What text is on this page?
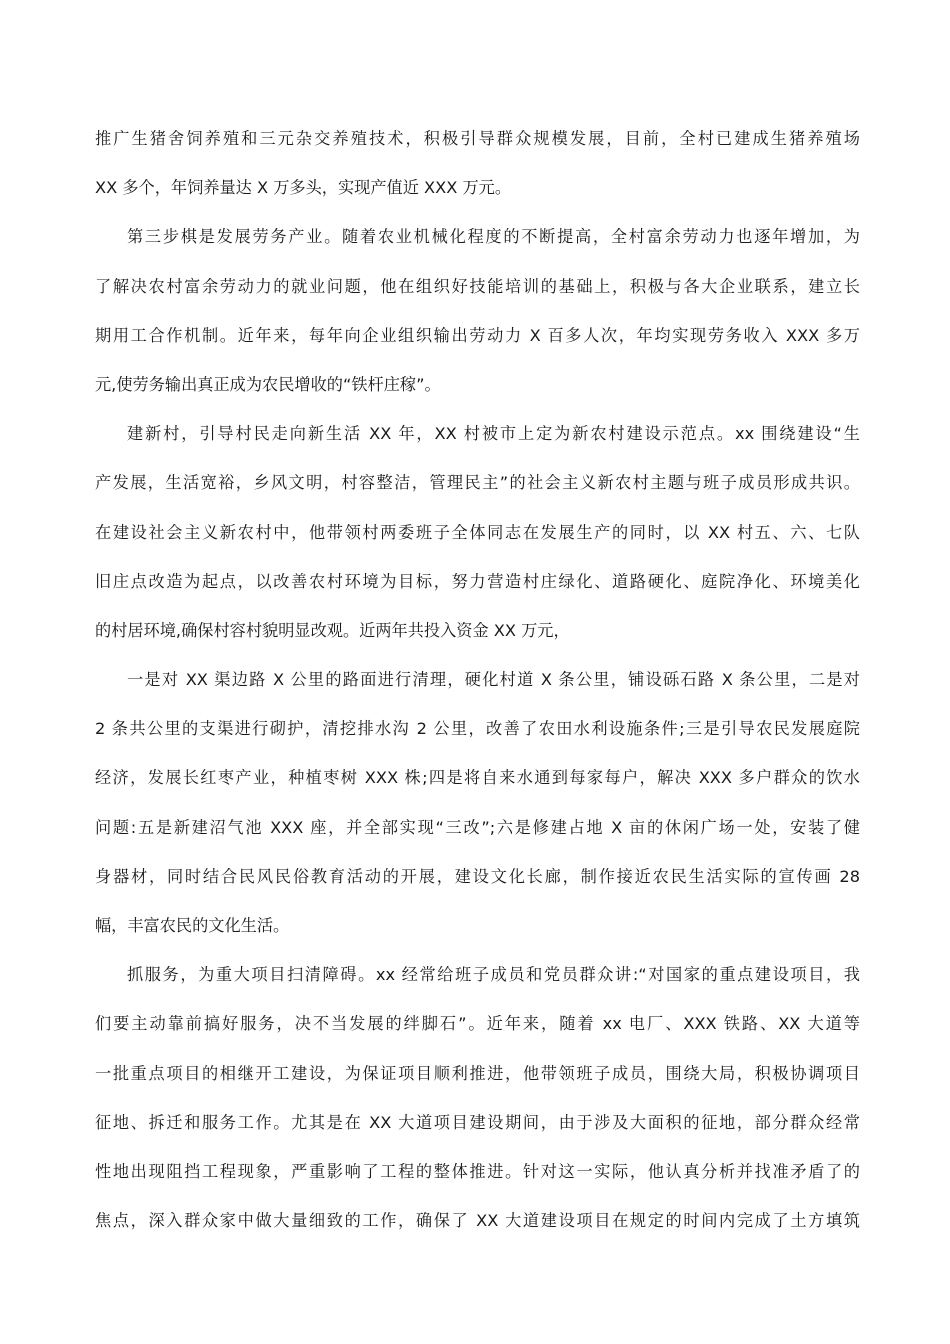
推广生猪舍饲养殖和三元杂交养殖技术，积极引导群众规模发展，目前，全村已建成生猪养殖场
XX 多个，年饲养量达 X 万多头，实现产值近 XXX 万元。
第三步棋是发展劳务产业。随着农业机械化程度的不断提高，全村富余劳动力也逐年增加，为
了解决农村富余劳动力的就业问题，他在组织好技能培训的基础上，积极与各大企业联系，建立长
期用工合作机制。近年来，每年向企业组织输出劳动力 X 百多人次，年均实现劳务收入 XXX 多万
元,使劳务输出真正成为农民增收的“铁杆庄稼”。
建新村，引导村民走向新生活 XX 年，XX 村被市上定为新农村建设示范点。xx 围绕建设“生
产发展，生活宽裕，乡风文明，村容整洁，管理民主”的社会主义新农村主题与班子成员形成共识。
在建设社会主义新农村中，他带领村两委班子全体同志在发展生产的同时，以 XX 村五、六、七队
旧庄点改造为起点，以改善农村环境为目标，努力营造村庄绿化、道路硬化、庭院净化、环境美化
的村居环境,确保村容村貌明显改观。近两年共投入资金 XX 万元，
一是对 XX 渠边路 X 公里的路面进行清理，硬化村道 X 条公里，铺设砾石路 X 条公里，二是对
2 条共公里的支渠进行砌护，清挖排水沟 2 公里，改善了农田水利设施条件;三是引导农民发展庭院
经济，发展长红枣产业，种植枣树 XXX 株;四是将自来水通到每家每户，解决 XXX 多户群众的饮水
问题:五是新建沼气池 XXX 座，并全部实现“三改”;六是修建占地 X 亩的休闲广场一处，安装了健
身器材，同时结合民风民俗教育活动的开展，建设文化长廊，制作接近农民生活实际的宣传画 28
幅，丰富农民的文化生活。
抓服务，为重大项目扫清障碍。xx 经常给班子成员和党员群众讲:“对国家的重点建设项目，我
们要主动靠前搞好服务，决不当发展的绊脚石”。近年来，随着 xx 电厂、XXX 铁路、XX 大道等
一批重点项目的相继开工建设，为保证项目顺利推进，他带领班子成员，围绕大局，积极协调项目
征地、拆迁和服务工作。尤其是在 XX 大道项目建设期间，由于涉及大面积的征地，部分群众经常
性地出现阻挡工程现象，严重影响了工程的整体推进。针对这一实际，他认真分析并找准矛盾了的
焦点，深入群众家中做大量细致的工作，确保了 XX 大道建设项目在规定的时间内完成了土方填筑
